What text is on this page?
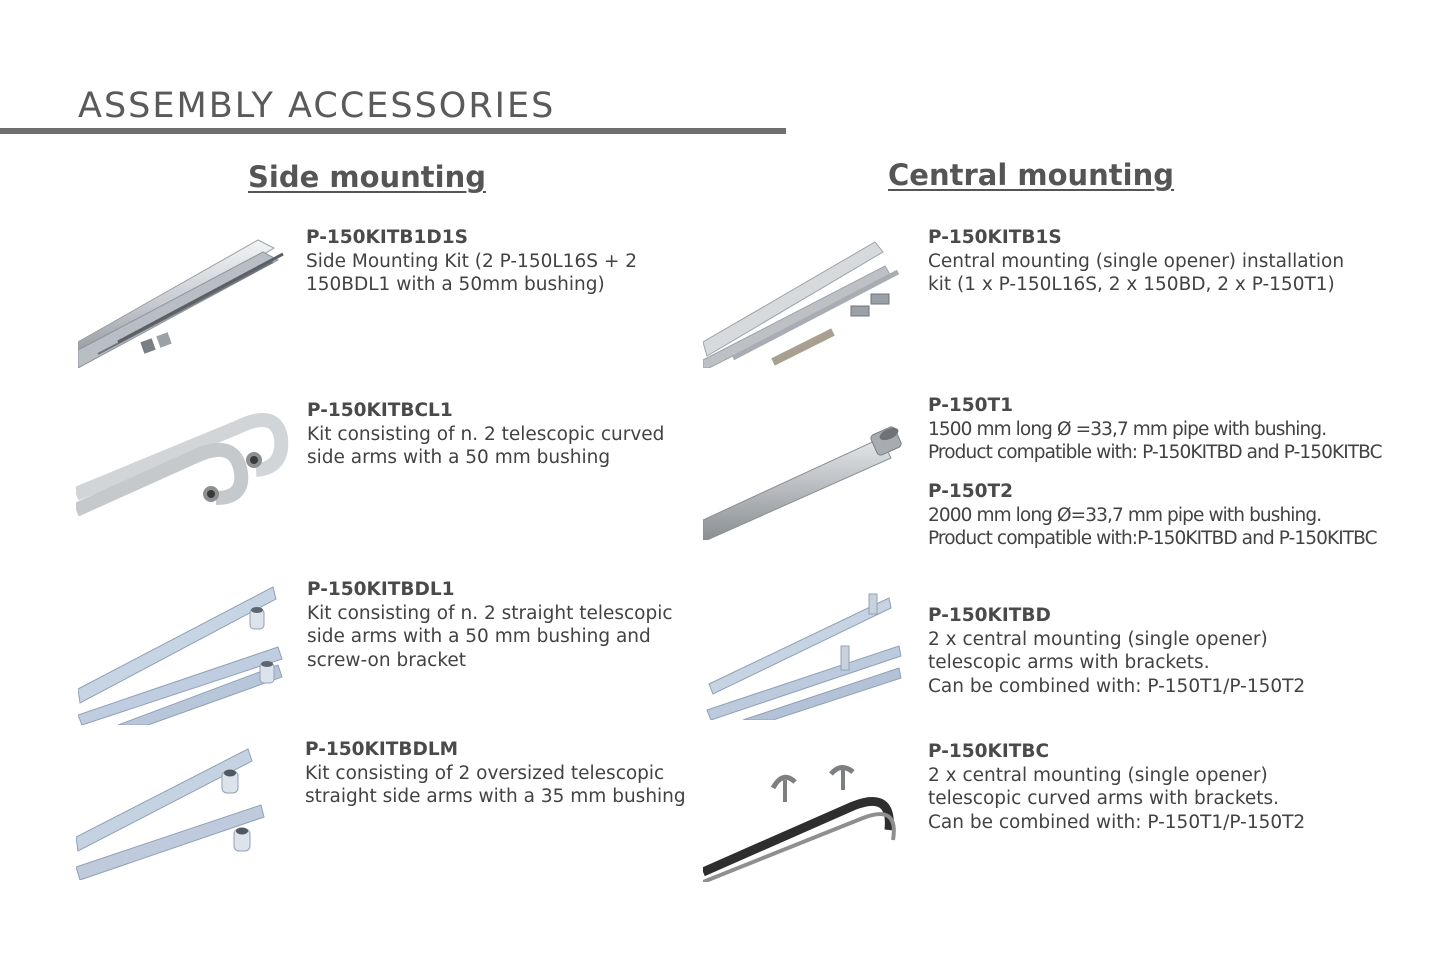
ASSEMBLY ACCESSORIES
Side mounting	Central mounting
P-150KITB1D1S

Side Mounting Kit (2 P-150L16S + 2 150BDL1 with a 50mm bushing)

P-150KITBCL1

Kit consisting of n. 2 telescopic curved side arms with a 50 mm bushing

P-150KITBDL1

Kit consisting of n. 2 straight telescopic side arms with a 50 mm bushing and screw-on bracket

P-150KITBDLM

Kit consisting of 2 oversized telescopic straight side arms with a 35 mm bushing

P-150KITB1S

Central mounting (single opener) installation kit (1 x P-150L16S, 2 x 150BD, 2 x P-150T1)

P-150T1

1500 mm long Ø =33,7 mm pipe with bushing. Product compatible with: P-150KITBD and P-150KITBC

P-150T2

2000 mm long Ø=33,7 mm pipe with bushing. Product compatible with:P-150KITBD and P-150KITBC

P-150KITBD
2 x central mounting (single opener)
telescopic arms with brackets.
Can be combined with: P-150T1/P-150T2
P-150KITBC
2 x central mounting (single opener)
telescopic curved arms with brackets.
Can be combined with: P-150T1/P-150T2
